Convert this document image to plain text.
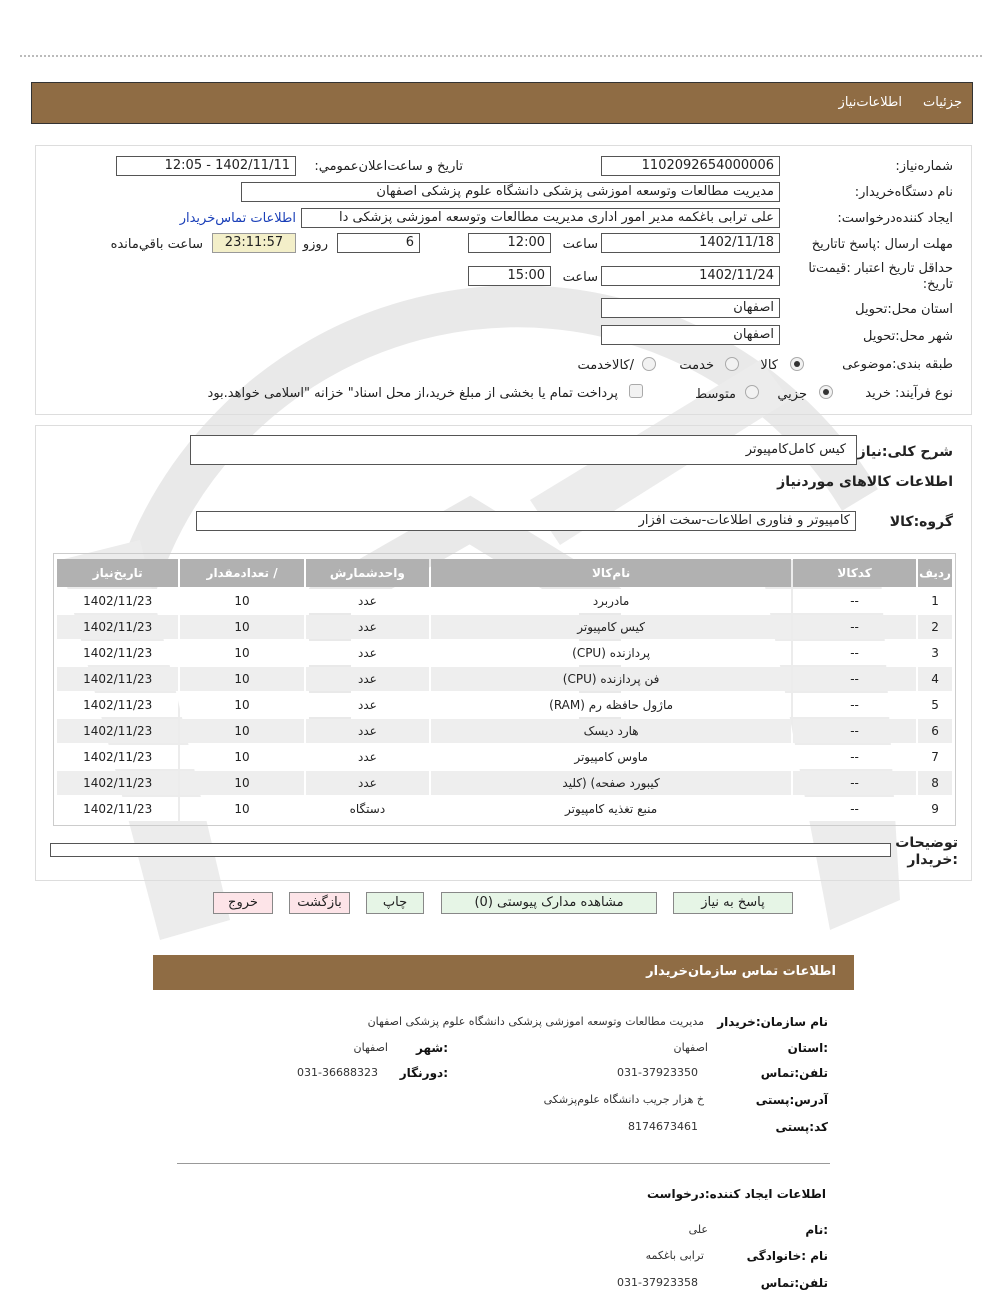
جزئيات
اطلاعات‌نیاز
شماره‌نیاز:
1102092654000006
تاريخ و ساعت‌اعلان‌عمومي:
1402/11/11 - 12:05
نام دستگاه‌خريدار:
مدیریت مطالعات وتوسعه اموزشی پزشکی دانشگاه علوم پزشکی اصفهان
ايجاد کننده‌درخواست:
علی ترابی باغکمه مدیر امور اداری مدیریت مطالعات وتوسعه اموزشی پزشکی دا
اطلاعات تماس‌خريدار
مهلت ارسال :پاسخ تا‌تاريخ
1402/11/18
ساعت
12:00
6
روزو
23:11:57
ساعت باقي‌مانده
حداقل تاريخ اعتبار :قيمت‌تا
تاريخ:
1402/11/24
ساعت
15:00
استان محل:تحويل
اصفهان
شهر محل:تحويل
اصفهان
طبقه بندی:موضوعی
کالا
خدمت
/کالاخدمت
نوع فرآيند: خريد
جزيي
متوسط
پرداخت تمام يا بخشی از مبلغ خريد،از محل اسناد" خزانه "اسلامی خواهد.بود
شرح کلی:نياز
کیس کامل‌کامپیوتر
اطلاعات کالاهای مورد‌نياز
گروه:کالا
کامپیوتر و فناوری اطلاعات-سخت افزار
رديف	کدکالا	نام‌کالا	واحد‌شمارش	/ تعداد‌مقدار	تاريخ‌نياز
1	--	مادربرد	عدد	10	1402/11/23
2	--	کیس کامپیوتر	عدد	10	1402/11/23
3	--	پردازنده (CPU)	عدد	10	1402/11/23
4	--	فن پردازنده (CPU)	عدد	10	1402/11/23
5	--	ماژول حافظه رم (RAM)	عدد	10	1402/11/23
6	--	هارد دیسک	عدد	10	1402/11/23
7	--	ماوس کامپیوتر	عدد	10	1402/11/23
8	--	کیبورد صفحه) (کلید	عدد	10	1402/11/23
9	--	منبع تغذیه کامپیوتر	دستگاه	10	1402/11/23
توضيحات
:خريدار
پاسخ به نياز
مشاهده مدارک پيوستی (0)
چاپ
بازگشت
خروج
اطلاعات تماس سازمان‌خريدار
نام سازمان:خريدار
مدیریت مطالعات وتوسعه اموزشی پزشکی دانشگاه علوم پزشکی اصفهان
:استان
اصفهان
:شهر
اصفهان
تلفن:تماس
031-37923350
:دورنگار
031-36688323
آدرس:پستی
خ هزار جریب دانشگاه علوم‌پزشکی
کد:پستی
8174673461
اطلاعات ايجاد کننده:درخواست
:نام
علی
نام :خانوادگی
ترابی باغکمه
تلفن:تماس
031-37923358
